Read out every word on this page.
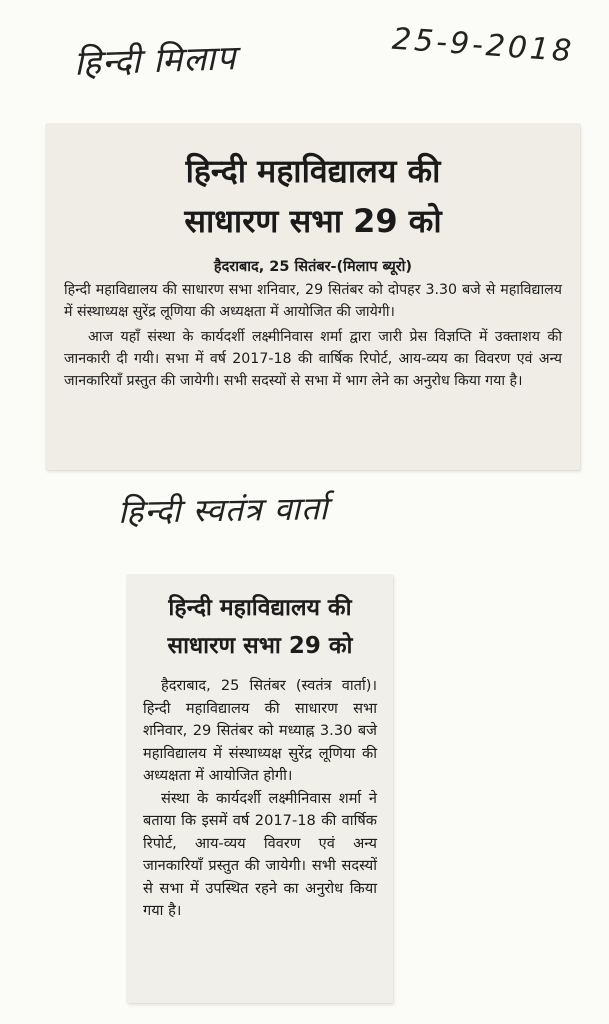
हिन्दी मिलाप	25-9-2018
हिन्दी महाविद्यालय की
साधारण सभा 29 को
हैदराबाद, 25 सितंबर-(मिलाप ब्यूरो)

हिन्दी महाविद्यालय की साधारण सभा शनिवार, 29 सितंबर को दोपहर 3.30 बजे से महाविद्यालय में संस्थाध्यक्ष सुरेंद्र लूणिया की अध्यक्षता में आयोजित की जायेगी।

आज यहाँ संस्था के कार्यदर्शी लक्ष्मीनिवास शर्मा द्वारा जारी प्रेस विज्ञप्ति में उक्ताशय की जानकारी दी गयी। सभा में वर्ष 2017-18 की वार्षिक रिपोर्ट, आय-व्यय का विवरण एवं अन्य जानकारियाँ प्रस्तुत की जायेगी। सभी सदस्यों से सभा में भाग लेने का अनुरोध किया गया है।

हिन्दी स्वतंत्र वार्ता
हिन्दी महाविद्यालय की
साधारण सभा 29 को

हैदराबाद, 25 सितंबर (स्वतंत्र वार्ता)। हिन्दी महाविद्यालय की साधारण सभा शनिवार, 29 सितंबर को मध्याह्न 3.30 बजे महाविद्यालय में संस्थाध्यक्ष सुरेंद्र लूणिया की अध्यक्षता में आयोजित होगी।

संस्था के कार्यदर्शी लक्ष्मीनिवास शर्मा ने बताया कि इसमें वर्ष 2017-18 की वार्षिक रिपोर्ट, आय-व्यय विवरण एवं अन्य जानकारियाँ प्रस्तुत की जायेगी। सभी सदस्यों से सभा में उपस्थित रहने का अनुरोध किया गया है।
